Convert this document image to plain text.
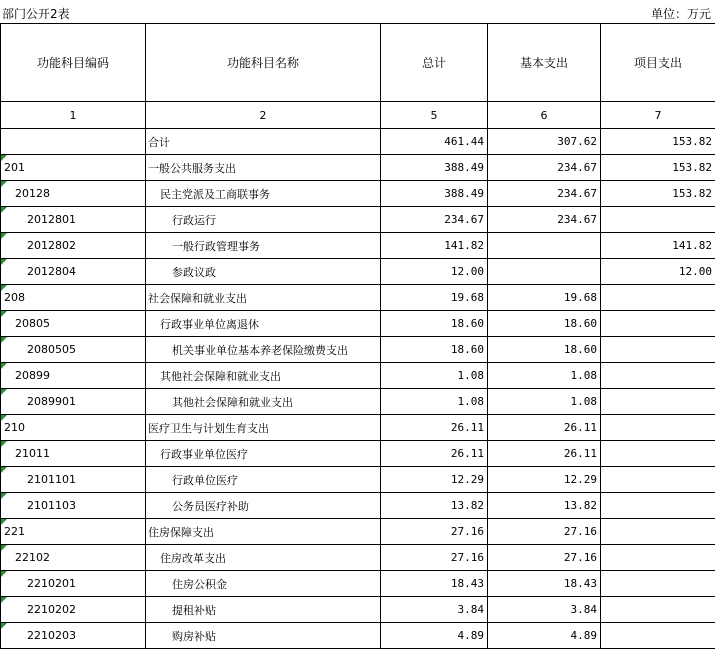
部门公开2表	单位：万元
功能科目编码	功能科目名称	总计	基本支出	项目支出
1	2	5	6	7
	合计	461.44	307.62	153.82

201	一般公共服务支出	388.49	234.67	153.82

20128	民主党派及工商联事务	388.49	234.67	153.82

2012801	行政运行	234.67	234.67	

2012802	一般行政管理事务	141.82		141.82

2012804	参政议政	12.00		12.00

208	社会保障和就业支出	19.68	19.68	

20805	行政事业单位离退休	18.60	18.60	

2080505	机关事业单位基本养老保险缴费支出	18.60	18.60	

20899	其他社会保障和就业支出	1.08	1.08	

2089901	其他社会保障和就业支出	1.08	1.08	

210	医疗卫生与计划生育支出	26.11	26.11	

21011	行政事业单位医疗	26.11	26.11	

2101101	行政单位医疗	12.29	12.29	

2101103	公务员医疗补助	13.82	13.82	

221	住房保障支出	27.16	27.16	

22102	住房改革支出	27.16	27.16	

2210201	住房公积金	18.43	18.43	

2210202	提租补贴	3.84	3.84	

2210203	购房补贴	4.89	4.89	
